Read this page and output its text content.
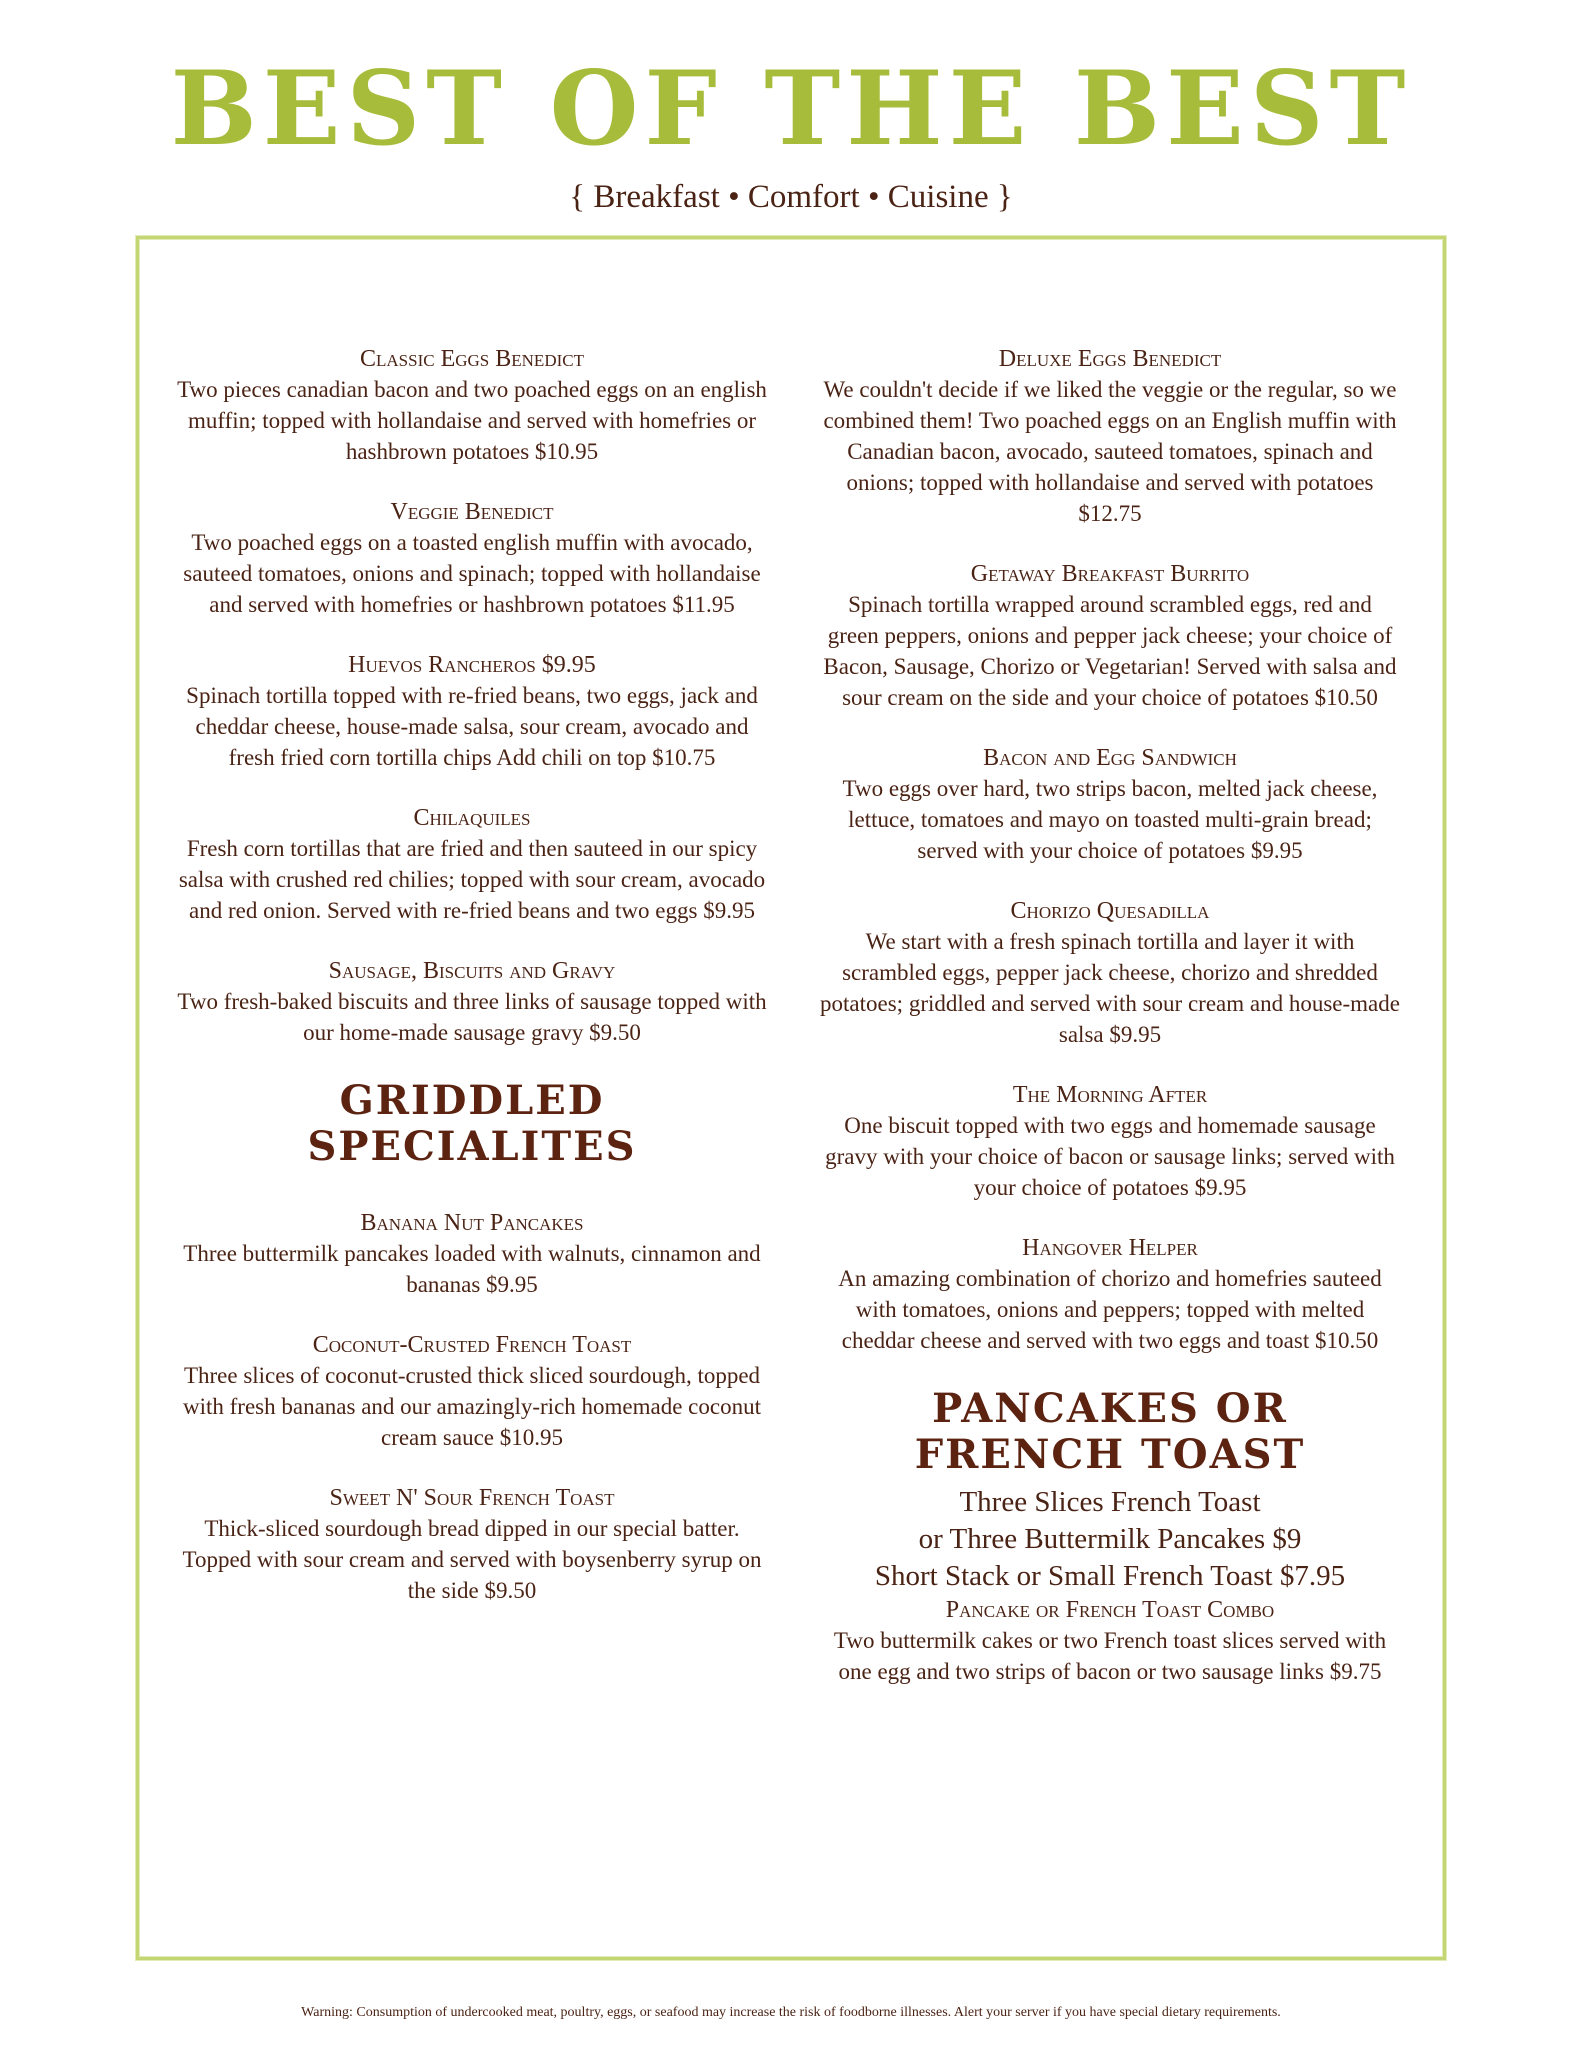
BEST OF THE BEST
{ Breakfast • Comfort • Cuisine }
Classic Eggs Benedict
Two pieces canadian bacon and two poached eggs on an english muffin; topped with hollandaise and served with homefries or hashbrown potatoes $10.95
Veggie Benedict
Two poached eggs on a toasted english muffin with avocado, sauteed tomatoes, onions and spinach; topped with hollandaise and served with homefries or hashbrown potatoes $11.95
Huevos Rancheros $9.95
Spinach tortilla topped with re-fried beans, two eggs, jack and cheddar cheese, house-made salsa, sour cream, avocado and fresh fried corn tortilla chips Add chili on top $10.75
Chilaquiles
Fresh corn tortillas that are fried and then sauteed in our spicy salsa with crushed red chilies; topped with sour cream, avocado and red onion. Served with re-fried beans and two eggs $9.95
Sausage, Biscuits and Gravy
Two fresh-baked biscuits and three links of sausage topped with our home-made sausage gravy $9.50
GRIDDLED SPECIALITES
Banana Nut Pancakes
Three buttermilk pancakes loaded with walnuts, cinnamon and bananas $9.95
Coconut-Crusted French Toast
Three slices of coconut-crusted thick sliced sourdough, topped with fresh bananas and our amazingly-rich homemade coconut cream sauce $10.95
Sweet N' Sour French Toast
Thick-sliced sourdough bread dipped in our special batter. Topped with sour cream and served with boysenberry syrup on the side $9.50
Deluxe Eggs Benedict
We couldn't decide if we liked the veggie or the regular, so we combined them! Two poached eggs on an English muffin with Canadian bacon, avocado, sauteed tomatoes, spinach and onions; topped with hollandaise and served with potatoes $12.75
Getaway Breakfast Burrito
Spinach tortilla wrapped around scrambled eggs, red and green peppers, onions and pepper jack cheese; your choice of Bacon, Sausage, Chorizo or Vegetarian! Served with salsa and sour cream on the side and your choice of potatoes $10.50
Bacon and Egg Sandwich
Two eggs over hard, two strips bacon, melted jack cheese, lettuce, tomatoes and mayo on toasted multi-grain bread; served with your choice of potatoes $9.95
Chorizo Quesadilla
We start with a fresh spinach tortilla and layer it with scrambled eggs, pepper jack cheese, chorizo and shredded potatoes; griddled and served with sour cream and house-made salsa $9.95
The Morning After
One biscuit topped with two eggs and homemade sausage gravy with your choice of bacon or sausage links; served with your choice of potatoes $9.95
Hangover Helper
An amazing combination of chorizo and homefries sauteed with tomatoes, onions and peppers; topped with melted cheddar cheese and served with two eggs and toast $10.50
PANCAKES OR FRENCH TOAST
Three Slices French Toast
or Three Buttermilk Pancakes $9
Short Stack or Small French Toast $7.95
Pancake or French Toast Combo
Two buttermilk cakes or two French toast slices served with one egg and two strips of bacon or two sausage links $9.75
Warning: Consumption of undercooked meat, poultry, eggs, or seafood may increase the risk of foodborne illnesses. Alert your server if you have special dietary requirements.
